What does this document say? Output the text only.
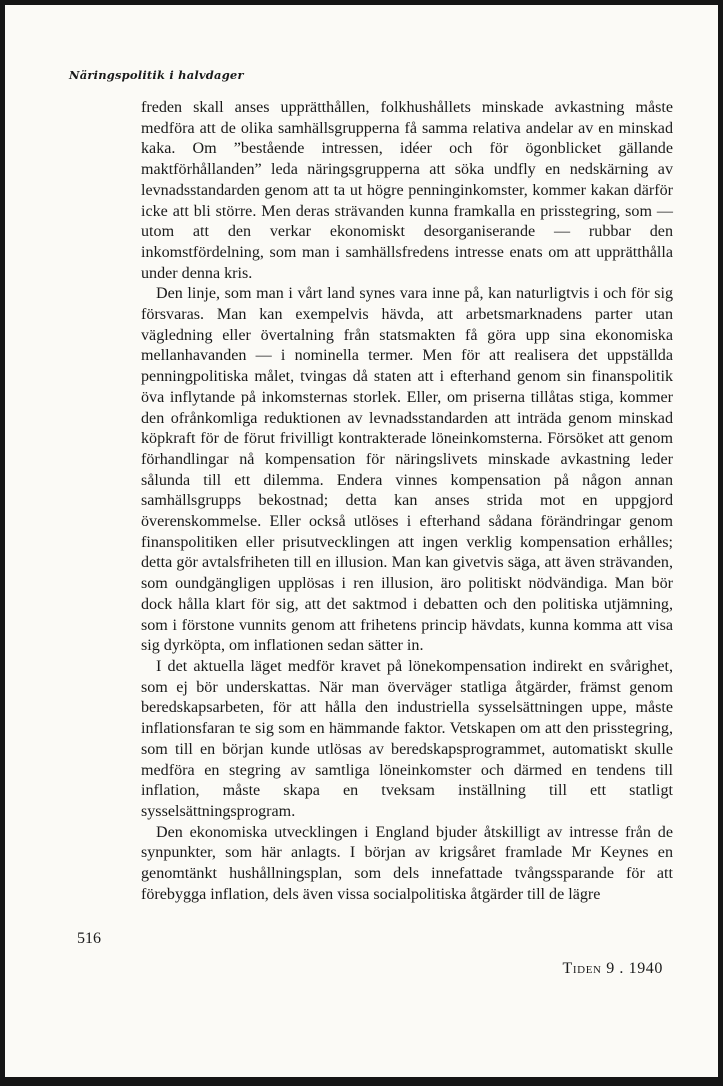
Näringspolitik i halvdager

freden skall anses upprätthållen, folkhushållets minskade avkastning måste medföra att de olika samhällsgrupperna få samma relativa andelar av en minskad kaka. Om ”bestående intressen, idéer och för ögonblicket gällande maktförhållanden” leda näringsgrupperna att söka undfly en nedskärning av levnadsstandarden genom att ta ut högre penninginkomster, kommer kakan därför icke att bli större. Men deras strävanden kunna framkalla en prisstegring, som — utom att den verkar ekonomiskt desorganiserande — rubbar den inkomstfördelning, som man i samhällsfredens intresse enats om att upprätthålla under denna kris.

Den linje, som man i vårt land synes vara inne på, kan naturligtvis i och för sig försvaras. Man kan exempelvis hävda, att arbetsmarknadens parter utan vägledning eller övertalning från statsmakten få göra upp sina ekonomiska mellanhavanden — i nominella termer. Men för att realisera det uppställda penningpolitiska målet, tvingas då staten att i efterhand genom sin finanspolitik öva inflytande på inkomsternas storlek. Eller, om priserna tillåtas stiga, kommer den ofrånkomliga reduktionen av levnadsstandarden att inträda genom minskad köpkraft för de förut frivilligt kontrakterade löneinkomsterna. Försöket att genom förhandlingar nå kompensation för näringslivets minskade avkastning leder sålunda till ett dilemma. Endera vinnes kompensation på någon annan samhällsgrupps bekostnad; detta kan anses strida mot en uppgjord överenskommelse. Eller också utlöses i efterhand sådana förändringar genom finanspolitiken eller prisutvecklingen att ingen verklig kompensation erhålles; detta gör avtalsfriheten till en illusion. Man kan givetvis säga, att även strävanden, som oundgängligen upplösas i ren illusion, äro politiskt nödvändiga. Man bör dock hålla klart för sig, att det saktmod i debatten och den politiska utjämning, som i förstone vunnits genom att frihetens princip hävdats, kunna komma att visa sig dyrköpta, om inflationen sedan sätter in.

I det aktuella läget medför kravet på lönekompensation indirekt en svårighet, som ej bör underskattas. När man överväger statliga åtgärder, främst genom beredskapsarbeten, för att hålla den industriella sysselsättningen uppe, måste inflationsfaran te sig som en hämmande faktor. Vetskapen om att den prisstegring, som till en början kunde utlösas av beredskapsprogrammet, automatiskt skulle medföra en stegring av samtliga löneinkomster och därmed en tendens till inflation, måste skapa en tveksam inställning till ett statligt sysselsättningsprogram.

Den ekonomiska utvecklingen i England bjuder åtskilligt av intresse från de synpunkter, som här anlagts. I början av krigsåret framlade Mr Keynes en genomtänkt hushållningsplan, som dels innefattade tvångssparande för att förebygga inflation, dels även vissa socialpolitiska åtgärder till de lägre

516
Tiden 9 . 1940
